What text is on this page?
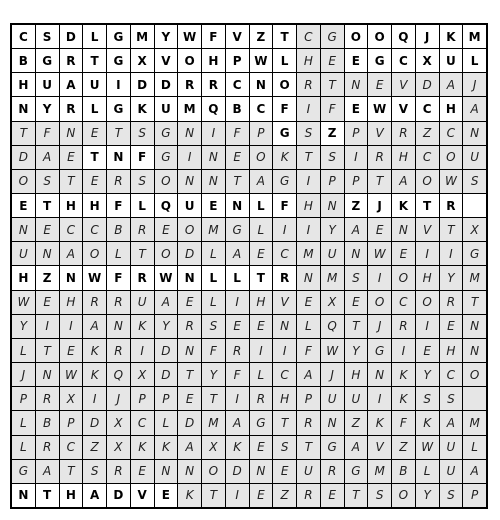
C	S	D	L	G	M	Y	W	F	V	Z	T	C	G	O	O	Q	J	K	M
B	G	R	T	G	X	V	O	H	P	W	L	H	E	E	G	C	X	U	L
H	U	A	U	I	D	D	R	R	C	N	O	R	T	N	E	V	D	A	J
N	Y	R	L	G	K	U	M	Q	B	C	F	I	F	E	W	V	C	H	A
T	F	N	E	T	S	G	N	I	F	P	G	S	Z	P	V	R	Z	C	N
D	A	E	T	N	F	G	I	N	E	O	K	T	S	I	R	H	C	O	U
O	S	T	E	R	S	O	N	N	T	A	G	I	P	P	T	A	O	W	S
E	T	H	H	F	L	Q	U	E	N	L	F	H	N	Z	J	K	T	R
N	E	C	C	B	R	E	O	M	G	L	I	I	Y	A	E	N	V	T	X
U	N	A	O	L	T	O	D	L	A	E	C	M	U	N	W	E	I	I	G
H	Z	N	W	F	R	W	N	L	L	T	R	N	M	S	I	O	H	Y	M
W	E	H	R	R	U	A	E	L	I	H	V	E	X	E	O	C	O	R	T
Y	I	I	A	N	K	Y	R	S	E	E	N	L	Q	T	J	R	I	E	N
L	T	E	K	R	I	D	N	F	R	I	I	F	W	Y	G	I	E	H	N
J	N	W	K	Q	X	D	T	Y	F	L	C	A	J	H	N	K	Y	C	O
P	R	X	I	J	P	P	E	T	I	R	H	P	U	U	I	K	S	S
L	B	P	D	X	C	L	D	M	A	G	T	R	N	Z	K	F	K	A	M
L	R	C	Z	X	K	K	A	X	K	E	S	T	G	A	V	Z	W	U	L
G	A	T	S	R	E	N	N	O	D	N	E	U	R	G	M	B	L	U	A
N	T	H	A	D	V	E	K	T	I	E	Z	R	E	T	S	O	Y	S	P
